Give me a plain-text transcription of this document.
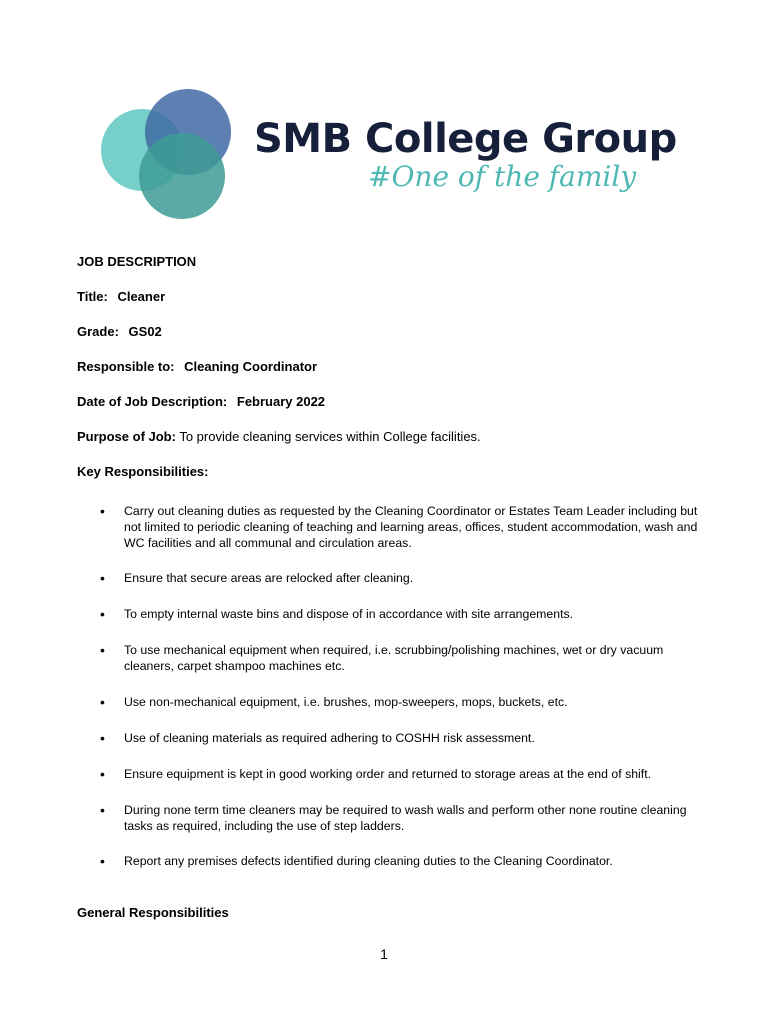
SMB College Group
#One of the family
JOB DESCRIPTION
Title: Cleaner
Grade: GS02
Responsible to: Cleaning Coordinator
Date of Job Description: February 2022
Purpose of Job: To provide cleaning services within College facilities.
Key Responsibilities:
• Carry out cleaning duties as requested by the Cleaning Coordinator or Estates Team Leader including but not limited to periodic cleaning of teaching and learning areas, offices, student accommodation, wash and WC facilities and all communal and circulation areas.
• Ensure that secure areas are relocked after cleaning.
• To empty internal waste bins and dispose of in accordance with site arrangements.
• To use mechanical equipment when required, i.e. scrubbing/polishing machines, wet or dry vacuum cleaners, carpet shampoo machines etc.
• Use non-mechanical equipment, i.e. brushes, mop-sweepers, mops, buckets, etc.
• Use of cleaning materials as required adhering to COSHH risk assessment.
• Ensure equipment is kept in good working order and returned to storage areas at the end of shift.
• During none term time cleaners may be required to wash walls and perform other none routine cleaning tasks as required, including the use of step ladders.
• Report any premises defects identified during cleaning duties to the Cleaning Coordinator.
General Responsibilities
1
